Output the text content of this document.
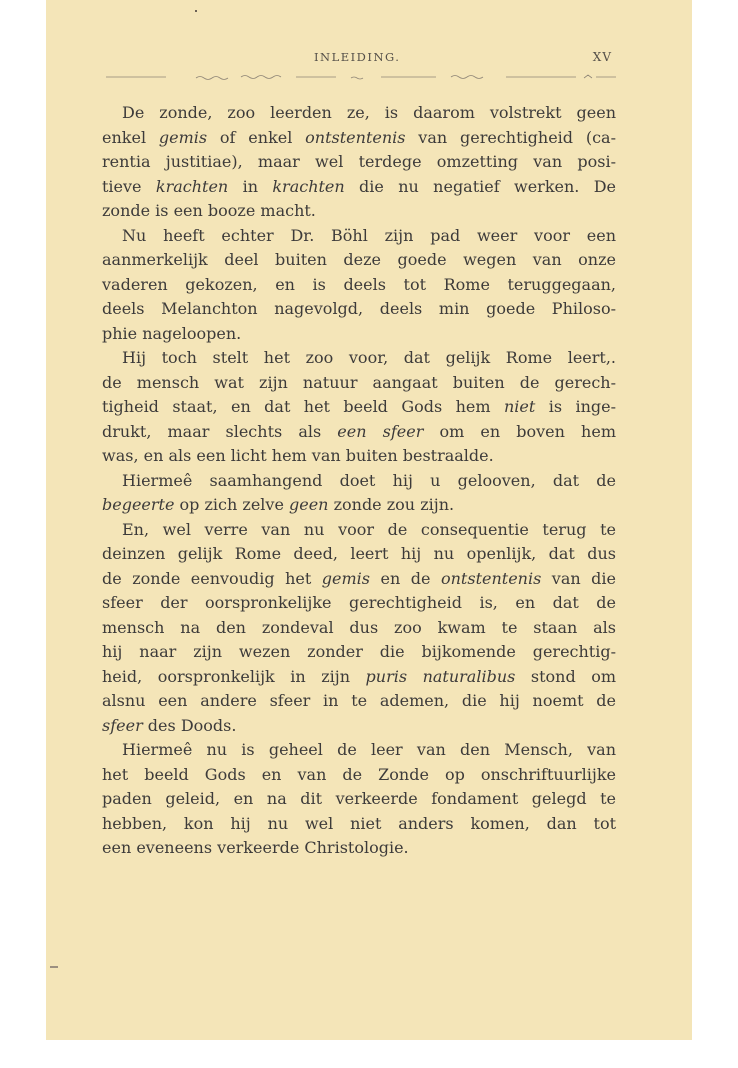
INLEIDING.	XV
De zonde, zoo leerden ze, is daarom volstrekt geen
enkel gemis of enkel ontstentenis van gerechtigheid (ca-
rentia justitiae), maar wel terdege omzetting van posi-
tieve krachten in krachten die nu negatief werken. De
zonde is een booze macht.
Nu heeft echter Dr. Böhl zijn pad weer voor een
aanmerkelijk deel buiten deze goede wegen van onze
vaderen gekozen, en is deels tot Rome teruggegaan,
deels Melanchton nagevolgd, deels min goede Philoso-
phie nageloopen.
Hij toch stelt het zoo voor, dat gelijk Rome leert,.
de mensch wat zijn natuur aangaat buiten de gerech-
tigheid staat, en dat het beeld Gods hem niet is inge-
drukt, maar slechts als een sfeer om en boven hem
was, en als een licht hem van buiten bestraalde.
Hiermeê saamhangend doet hij u gelooven, dat de
begeerte op zich zelve geen zonde zou zijn.
En, wel verre van nu voor de consequentie terug te
deinzen gelijk Rome deed, leert hij nu openlijk, dat dus
de zonde eenvoudig het gemis en de ontstentenis van die
sfeer der oorspronkelijke gerechtigheid is, en dat de
mensch na den zondeval dus zoo kwam te staan als
hij naar zijn wezen zonder die bijkomende gerechtig-
heid, oorspronkelijk in zijn puris naturalibus stond om
alsnu een andere sfeer in te ademen, die hij noemt de
sfeer des Doods.
Hiermeê nu is geheel de leer van den Mensch, van
het beeld Gods en van de Zonde op onschriftuurlijke
paden geleid, en na dit verkeerde fondament gelegd te
hebben, kon hij nu wel niet anders komen, dan tot
een eveneens verkeerde Christologie.
